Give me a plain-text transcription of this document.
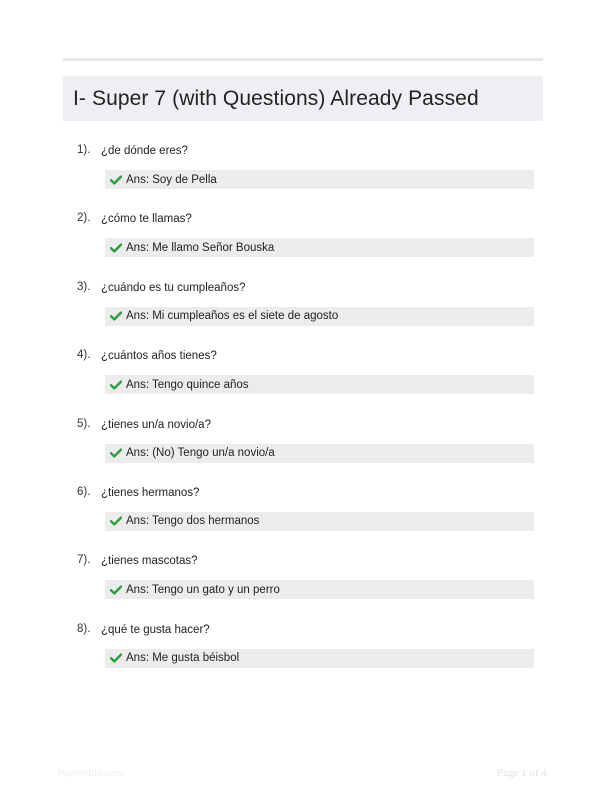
I- Super 7 (with Questions) Already Passed
1). ¿de dónde eres?
Ans: Soy de Pella
2). ¿cómo te llamas?
Ans: Me llamo Señor Bouska
3). ¿cuándo es tu cumpleaños?
Ans: Mi cumpleaños es el siete de agosto
4). ¿cuántos años tienes?
Ans: Tengo quince años
5). ¿tienes un/a novio/a?
Ans: (No) Tengo un/a novio/a
6). ¿tienes hermanos?
Ans: Tengo dos hermanos
7). ¿tienes mascotas?
Ans: Tengo un gato y un perro
8). ¿qué te gusta hacer?
Ans: Me gusta béisbol
PapersBlic.com	Page 1 of 4
